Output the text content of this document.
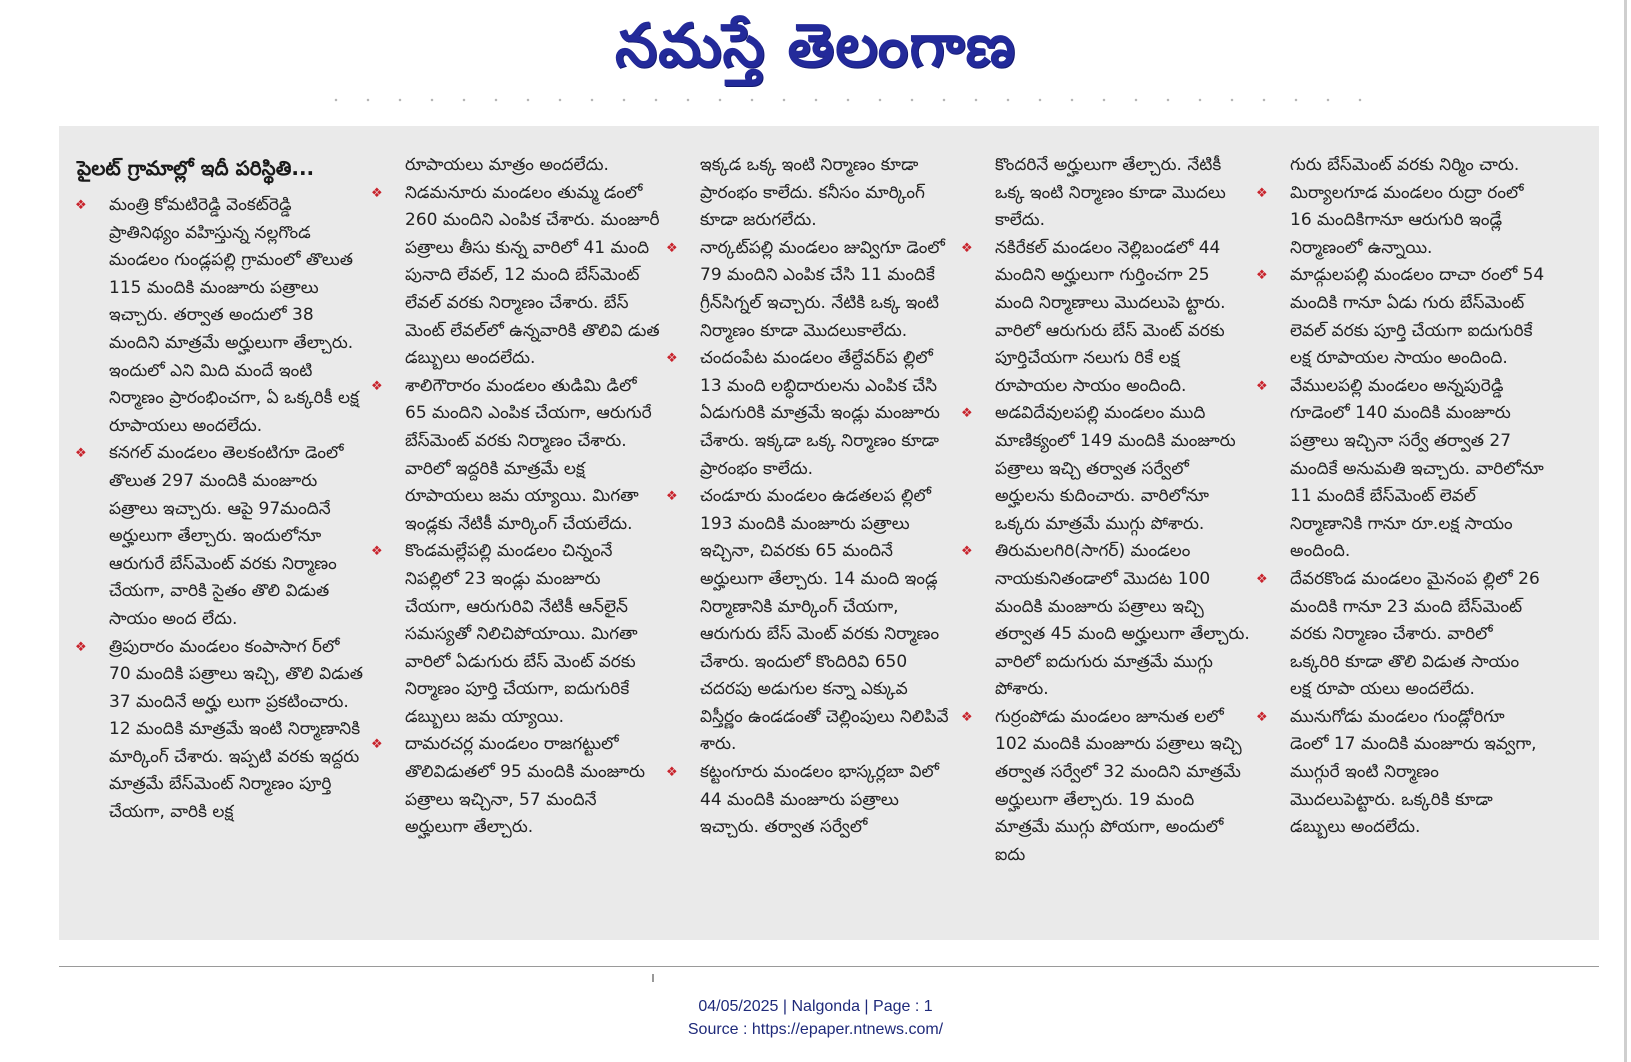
నమస్తే తెలంగాణ
పైలట్ గ్రామాల్లో ఇదీ పరిస్థితి...
❖ మంత్రి కోమటిరెడ్డి వెంకట్‌రెడ్డి ప్రాతినిథ్యం వహిస్తున్న నల్లగొండ మండలం గుండ్లపల్లి గ్రామంలో తొలుత 115 మందికి మంజూరు పత్రాలు ఇచ్చారు. తర్వాత అందులో 38 మందిని మాత్రమే అర్హులుగా తేల్చారు. ఇందులో ఎని మిది మందే ఇంటి నిర్మాణం ప్రారంభించగా, ఏ ఒక్కరికీ లక్ష రూపాయలు అందలేదు.
❖ కనగల్ మండలం తెలకంటిగూ డెంలో తొలుత 297 మందికి మంజూరు పత్రాలు ఇచ్చారు. ఆపై 97మందినే అర్హులుగా తేల్చారు. ఇందులోనూ ఆరుగురే బేస్‌మెంట్ వరకు నిర్మాణం చేయగా, వారికి సైతం తొలి విడుత సాయం అంద లేదు.
❖ త్రిపురారం మండలం కంపాసాగ ర్‌లో 70 మందికి పత్రాలు ఇచ్చి, తొలి విడుత 37 మందినే అర్హు లుగా ప్రకటించారు. 12 మందికి మాత్రమే ఇంటి నిర్మాణానికి మార్కింగ్ చేశారు. ఇప్పటి వరకు ఇద్దరు మాత్రమే బేస్‌మెంట్ నిర్మాణం పూర్తి చేయగా, వారికి లక్ష
రూపాయలు మాత్రం అందలేదు.
❖ నిడమనూరు మండలం తుమ్మ డంలో 260 మందిని ఎంపిక చేశారు. మంజూరీ పత్రాలు తీసు కున్న వారిలో 41 మంది పునాది లేవల్, 12 మంది బేస్‌మెంట్ లేవల్ వరకు నిర్మాణం చేశారు. బేస్ మెంట్ లేవల్‌లో ఉన్నవారికి తొలివి డుత డబ్బులు అందలేదు.
❖ శాలిగౌరారం మండలం తుడిమి డిలో 65 మందిని ఎంపిక చేయగా, ఆరుగురే బేస్‌మెంట్ వరకు నిర్మాణం చేశారు. వారిలో ఇద్దరికి మాత్రమే లక్ష రూపాయలు జమ య్యాయి. మిగతా ఇండ్లకు నేటికీ మార్కింగ్ చేయలేదు.
❖ కొండమల్లేపల్లి మండలం చిన్నంనే నిపల్లిలో 23 ఇండ్లు మంజూరు చేయగా, ఆరుగురివి నేటికీ ఆన్‌లైన్ సమస్యతో నిలిచిపోయాయి. మిగతా వారిలో ఏడుగురు బేస్ మెంట్ వరకు నిర్మాణం పూర్తి చేయగా, ఐదుగురికే డబ్బులు జమ య్యాయి.
❖ దామరచర్ల మండలం రాజగట్టులో తొలివిడుతలో 95 మందికి మంజూరు పత్రాలు ఇచ్చినా, 57 మందినే అర్హులుగా తేల్చారు.
ఇక్కడ ఒక్క ఇంటి నిర్మాణం కూడా ప్రారంభం కాలేదు. కనీసం మార్కింగ్ కూడా జరుగలేదు.
❖ నార్కట్‌పల్లి మండలం జువ్విగూ డెంలో 79 మందిని ఎంపిక చేసి 11 మందికే గ్రీన్‌సిగ్నల్ ఇచ్చారు. నేటికి ఒక్క ఇంటి నిర్మాణం కూడా మొదలుకాలేదు.
❖ చందంపేట మండలం తేల్దేవర్‌ప ల్లిలో 13 మంది లబ్ధిదారులను ఎంపిక చేసి ఏడుగురికి మాత్రమే ఇండ్లు మంజూరు చేశారు. ఇక్కడా ఒక్క నిర్మాణం కూడా ప్రారంభం కాలేదు.
❖ చండూరు మండలం ఉడతలప ల్లిలో 193 మందికి మంజూరు పత్రాలు ఇచ్చినా, చివరకు 65 మందినే అర్హులుగా తేల్చారు. 14 మంది ఇండ్ల నిర్మాణానికి మార్కింగ్ చేయగా, ఆరుగురు బేస్ మెంట్ వరకు నిర్మాణం చేశారు. ఇందులో కొందిరివి 650 చదరపు అడుగుల కన్నా ఎక్కువ విస్తీర్ణం ఉండడంతో చెల్లింపులు నిలిపివే శారు.
❖ కట్టంగూరు మండలం భాస్కర్లబా విలో 44 మందికి మంజూరు పత్రాలు ఇచ్చారు. తర్వాత సర్వేలో
కొందరినే అర్హులుగా తేల్చారు. నేటికీ ఒక్క ఇంటి నిర్మాణం కూడా మొదలు కాలేదు.
❖ నకిరేకల్ మండలం నెల్లిబండలో 44 మందిని అర్హులుగా గుర్తించగా 25 మంది నిర్మాణాలు మొదలుపె ట్టారు. వారిలో ఆరుగురు బేస్ మెంట్ వరకు పూర్తిచేయగా నలుగు రికే లక్ష రూపాయల సాయం అందింది.
❖ అడవిదేవులపల్లి మండలం ముది మాణిక్యంలో 149 మందికి మంజూరు పత్రాలు ఇచ్చి తర్వాత సర్వేలో అర్హులను కుదించారు. వారిలోనూ ఒక్కరు మాత్రమే ముగ్గు పోశారు.
❖ తిరుమలగిరి(సాగర్) మండలం నాయకునితండాలో మొదట 100 మందికి మంజూరు పత్రాలు ఇచ్చి తర్వాత 45 మంది అర్హులుగా తేల్చారు. వారిలో ఐదుగురు మాత్రమే ముగ్గు పోశారు.
❖ గుర్రంపోడు మండలం జూనుత లలో 102 మందికి మంజూరు పత్రాలు ఇచ్చి తర్వాత సర్వేలో 32 మందిని మాత్రమే అర్హులుగా తేల్చారు. 19 మంది మాత్రమే ముగ్గు పోయగా, అందులో ఐదు
గురు బేస్‌మెంట్ వరకు నిర్మిం చారు.
❖ మిర్యాలగూడ మండలం రుద్రా రంలో 16 మందికిగానూ ఆరుగురి ఇండ్లే నిర్మాణంలో ఉన్నాయి.
❖ మాడ్గులపల్లి మండలం దాచా రంలో 54 మందికి గానూ ఏడు గురు బేస్‌మెంట్ లెవల్ వరకు పూర్తి చేయగా ఐదుగురికే లక్ష రూపాయల సాయం అందింది.
❖ వేములపల్లి మండలం అన్నపురెడ్డి గూడెంలో 140 మందికి మంజూరు పత్రాలు ఇచ్చినా సర్వే తర్వాత 27 మందికే అనుమతి ఇచ్చారు. వారిలోనూ 11 మందికే బేస్‌మెంట్ లెవల్ నిర్మాణానికి గానూ రూ.లక్ష సాయం అందింది.
❖ దేవరకొండ మండలం మైనంప ల్లిలో 26 మందికి గానూ 23 మంది బేస్‌మెంట్ వరకు నిర్మాణం చేశారు. వారిలో ఒక్కరిరి కూడా తొలి విడుత సాయం లక్ష రూపా యలు అందలేదు.
❖ మునుగోడు మండలం గుండ్లోరిగూ డెంలో 17 మందికి మంజూరు ఇవ్వగా, ముగ్గురే ఇంటి నిర్మాణం మొదలుపెట్టారు. ఒక్కరికి కూడా డబ్బులు అందలేదు.
04/05/2025 | Nalgonda | Page : 1
Source : https://epaper.ntnews.com/
